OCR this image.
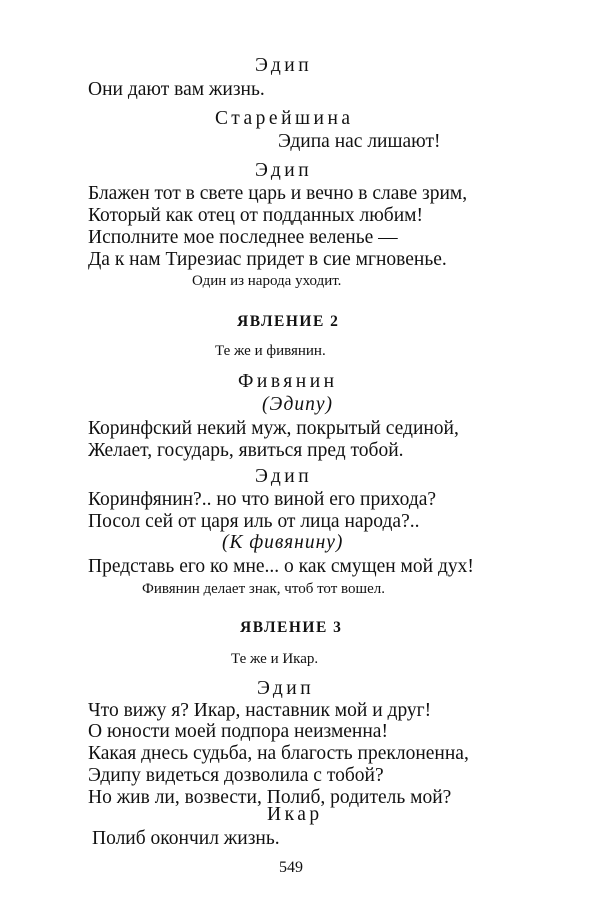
Эдип
Они дают вам жизнь.
Старейшина
Эдипа нас лишают!
Эдип
Блажен тот в свете царь и вечно в славе зрим,
Который как отец от подданных любим!
Исполните мое последнее веленье —
Да к нам Тирезиас придет в сие мгновенье.
Один из народа уходит.
ЯВЛЕНИЕ 2
Те же и фивянин.
Фивянин
(Эдипу)
Коринфский некий муж, покрытый сединой,
Желает, государь, явиться пред тобой.
Эдип
Коринфянин?.. но что виной его прихода?
Посол сей от царя иль от лица народа?..
(К фивянину)
Представь его ко мне... о как смущен мой дух!
Фивянин делает знак, чтоб тот вошел.
ЯВЛЕНИЕ 3
Те же и Икар.
Эдип
Что вижу я? Икар, наставник мой и друг!
О юности моей подпора неизменна!
Какая днесь судьба, на благость преклоненна,
Эдипу видеться дозволила с тобой?
Но жив ли, возвести, Полиб, родитель мой?
Икар
Полиб окончил жизнь.
549
